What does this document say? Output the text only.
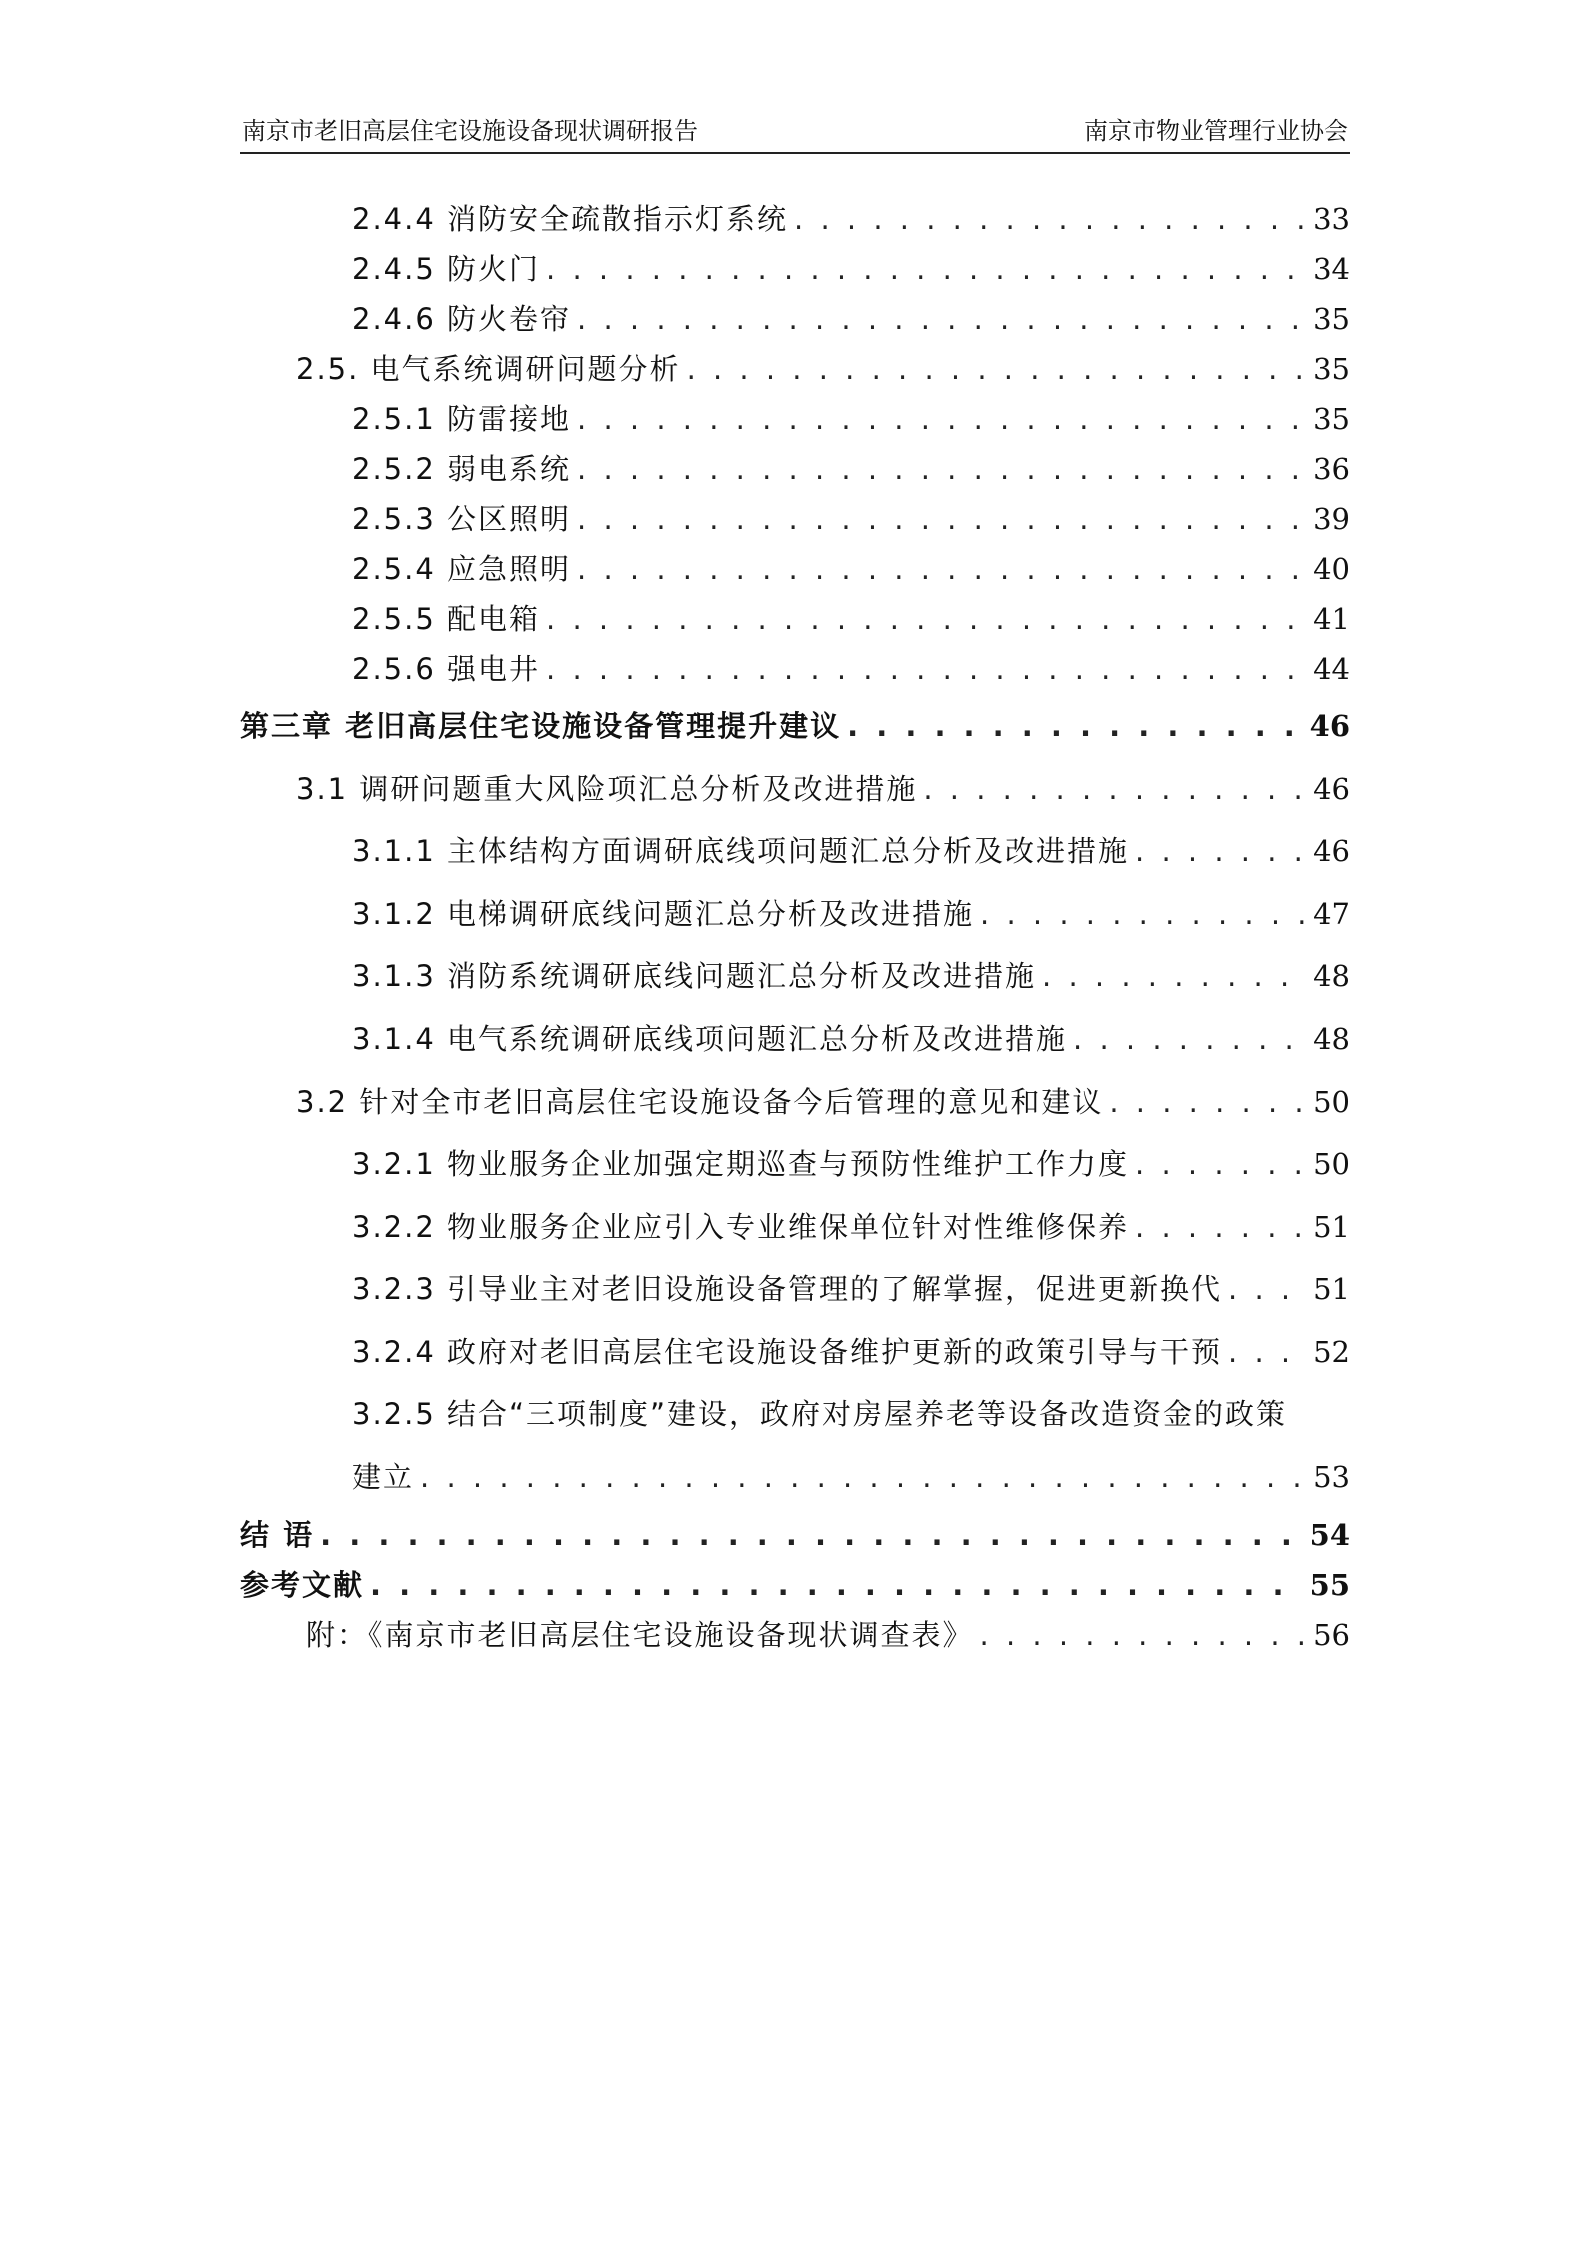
南京市老旧高层住宅设施设备现状调研报告	南京市物业管理行业协会
2.4.4 消防安全疏散指示灯系统 . . .	33
2.4.5 防火门 . . .	34
2.4.6 防火卷帘 . . .	35
2.5. 电气系统调研问题分析 . . .	35
2.5.1 防雷接地 . . .	35
2.5.2 弱电系统 . . .	36
2.5.3 公区照明 . . .	39
2.5.4 应急照明 . . .	40
2.5.5 配电箱 . . .	41
2.5.6 强电井 . . .	44
第三章 老旧高层住宅设施设备管理提升建议 . . .	46
3.1 调研问题重大风险项汇总分析及改进措施 . . .	46
3.1.1 主体结构方面调研底线项问题汇总分析及改进措施 . . .	46
3.1.2 电梯调研底线问题汇总分析及改进措施 . . .	47
3.1.3 消防系统调研底线问题汇总分析及改进措施 . . .	48
3.1.4 电气系统调研底线项问题汇总分析及改进措施 . . .	48
3.2 针对全市老旧高层住宅设施设备今后管理的意见和建议 . . .	50
3.2.1 物业服务企业加强定期巡查与预防性维护工作力度 . . .	50
3.2.2 物业服务企业应引入专业维保单位针对性维修保养 . . .	51
3.2.3 引导业主对老旧设施设备管理的了解掌握，促进更新换代 . . .	51
3.2.4 政府对老旧高层住宅设施设备维护更新的政策引导与干预 . . .	52
3.2.5 结合“三项制度”建设，政府对房屋养老等设备改造资金的政策
建立 . . .	53
结 语 . . .	54
参考文献 . . .	55
附：《南京市老旧高层住宅设施设备现状调查表》 . . .	56
